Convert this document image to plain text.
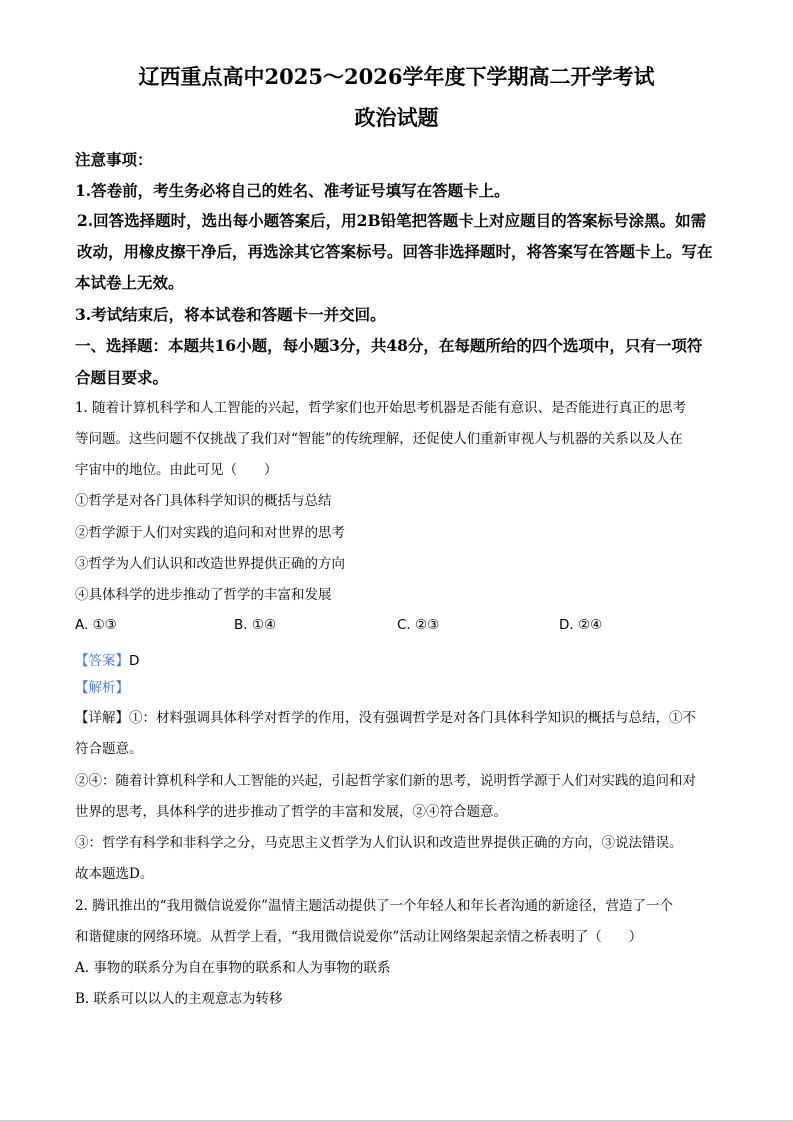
辽西重点高中2025～2026学年度下学期高二开学考试
政治试题
注意事项：
1.答卷前，考生务必将自己的姓名、准考证号填写在答题卡上。
2.回答选择题时，选出每小题答案后，用2B铅笔把答题卡上对应题目的答案标号涂黑。如需
改动，用橡皮擦干净后，再选涂其它答案标号。回答非选择题时，将答案写在答题卡上。写在
本试卷上无效。
3.考试结束后，将本试卷和答题卡一并交回。
一、选择题：本题共16小题，每小题3分，共48分，在每题所给的四个选项中，只有一项符
合题目要求。
1. 随着计算机科学和人工智能的兴起，哲学家们也开始思考机器是否能有意识、是否能进行真正的思考
等问题。这些问题不仅挑战了我们对“智能”的传统理解，还促使人们重新审视人与机器的关系以及人在
宇宙中的地位。由此可见（　　）
①哲学是对各门具体科学知识的概括与总结
②哲学源于人们对实践的追问和对世界的思考
③哲学为人们认识和改造世界提供正确的方向
④具体科学的进步推动了哲学的丰富和发展
A. ①③	B. ①④	C. ②③	D. ②④
【答案】D
【解析】
【详解】①：材料强调具体科学对哲学的作用，没有强调哲学是对各门具体科学知识的概括与总结，①不
符合题意。
②④：随着计算机科学和人工智能的兴起，引起哲学家们新的思考，说明哲学源于人们对实践的追问和对
世界的思考，具体科学的进步推动了哲学的丰富和发展，②④符合题意。
③：哲学有科学和非科学之分，马克思主义哲学为人们认识和改造世界提供正确的方向，③说法错误。
故本题选D。
2. 腾讯推出的“我用微信说爱你”温情主题活动提供了一个年轻人和年长者沟通的新途径，营造了一个
和谐健康的网络环境。从哲学上看，“我用微信说爱你”活动让网络架起亲情之桥表明了（　　）
A. 事物的联系分为自在事物的联系和人为事物的联系
B. 联系可以以人的主观意志为转移
